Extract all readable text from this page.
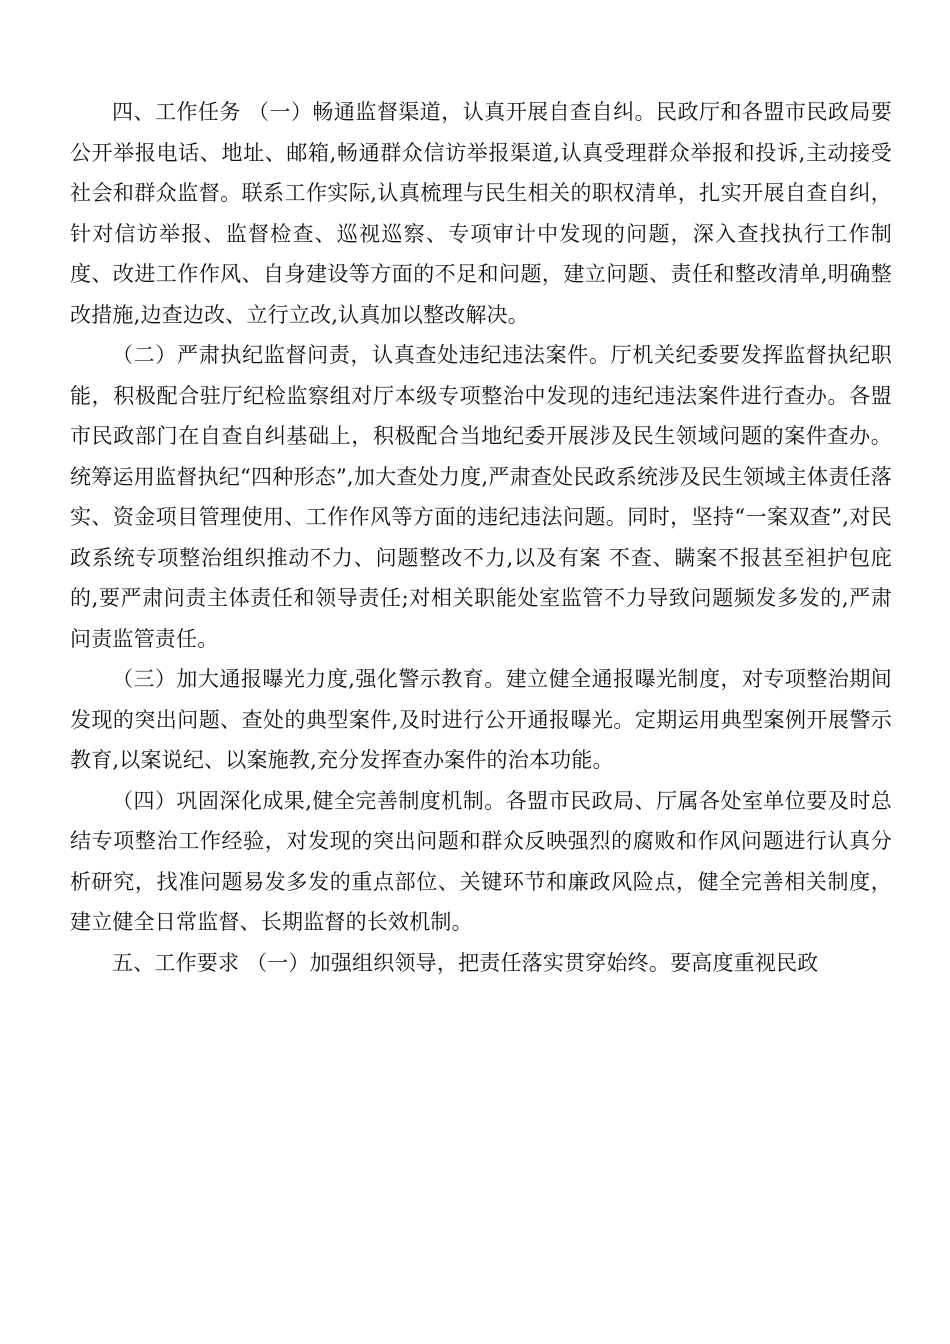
四、工作任务 （一）畅通监督渠道，认真开展自查自纠。民政厅和各盟市民政局要公开举报电话、地址、邮箱,畅通群众信访举报渠道,认真受理群众举报和投诉,主动接受社会和群众监督。联系工作实际,认真梳理与民生相关的职权清单，扎实开展自查自纠，针对信访举报、监督检查、巡视巡察、专项审计中发现的问题，深入查找执行工作制度、改进工作作风、自身建设等方面的不足和问题，建立问题、责任和整改清单,明确整改措施,边查边改、立行立改,认真加以整改解决。

（二）严肃执纪监督问责，认真查处违纪违法案件。厅机关纪委要发挥监督执纪职能，积极配合驻厅纪检监察组对厅本级专项整治中发现的违纪违法案件进行查办。各盟市民政部门在自查自纠基础上，积极配合当地纪委开展涉及民生领域问题的案件查办。统筹运用监督执纪“四种形态”,加大查处力度,严肃查处民政系统涉及民生领域主体责任落实、资金项目管理使用、工作作风等方面的违纪违法问题。同时，坚持“一案双查”,对民政系统专项整治组织推动不力、问题整改不力,以及有案 不查、瞒案不报甚至袒护包庇的,要严肃问责主体责任和领导责任;对相关职能处室监管不力导致问题频发多发的,严肃问责监管责任。

（三）加大通报曝光力度,强化警示教育。建立健全通报曝光制度，对专项整治期间发现的突出问题、查处的典型案件,及时进行公开通报曝光。定期运用典型案例开展警示教育,以案说纪、以案施教,充分发挥查办案件的治本功能。

（四）巩固深化成果,健全完善制度机制。各盟市民政局、厅属各处室单位要及时总结专项整治工作经验，对发现的突出问题和群众反映强烈的腐败和作风问题进行认真分析研究，找准问题易发多发的重点部位、关键环节和廉政风险点，健全完善相关制度，建立健全日常监督、长期监督的长效机制。

五、工作要求 （一）加强组织领导，把责任落实贯穿始终。要高度重视民政
